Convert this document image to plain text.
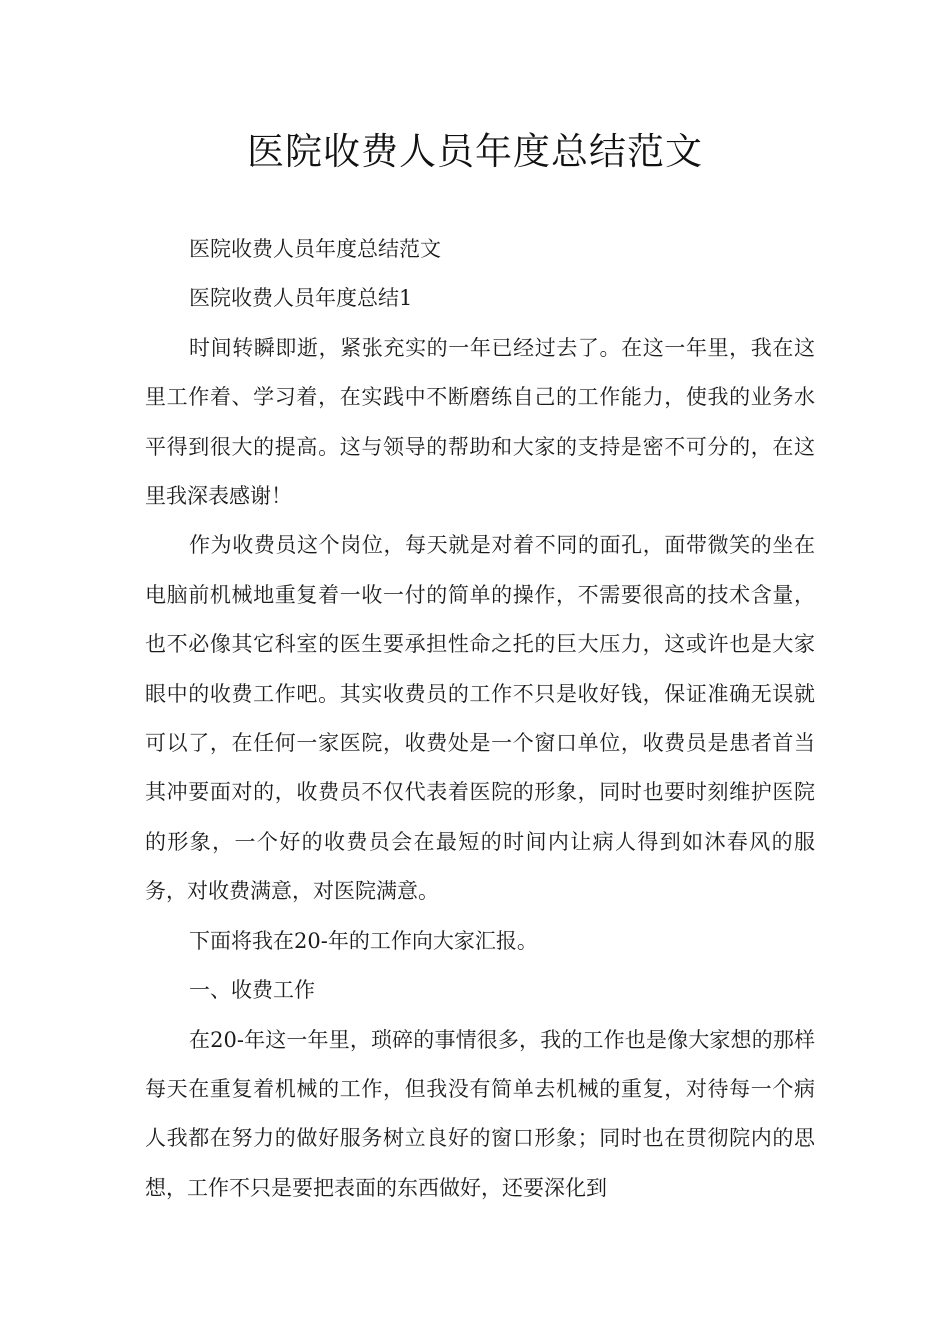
医院收费人员年度总结范文

医院收费人员年度总结范文

医院收费人员年度总结1

时间转瞬即逝，紧张充实的一年已经过去了。在这一年里，我在这里工作着、学习着，在实践中不断磨练自己的工作能力，使我的业务水平得到很大的提高。这与领导的帮助和大家的支持是密不可分的，在这里我深表感谢！

作为收费员这个岗位，每天就是对着不同的面孔，面带微笑的坐在电脑前机械地重复着一收一付的简单的操作，不需要很高的技术含量，也不必像其它科室的医生要承担性命之托的巨大压力，这或许也是大家眼中的收费工作吧。其实收费员的工作不只是收好钱，保证准确无误就可以了，在任何一家医院，收费处是一个窗口单位，收费员是患者首当其冲要面对的，收费员不仅代表着医院的形象，同时也要时刻维护医院的形象，一个好的收费员会在最短的时间内让病人得到如沐春风的服务，对收费满意，对医院满意。

下面将我在20-年的工作向大家汇报。

一、收费工作

在20-年这一年里，琐碎的事情很多，我的工作也是像大家想的那样每天在重复着机械的工作，但我没有简单去机械的重复，对待每一个病人我都在努力的做好服务树立良好的窗口形象；同时也在贯彻院内的思想，工作不只是要把表面的东西做好，还要深化到
